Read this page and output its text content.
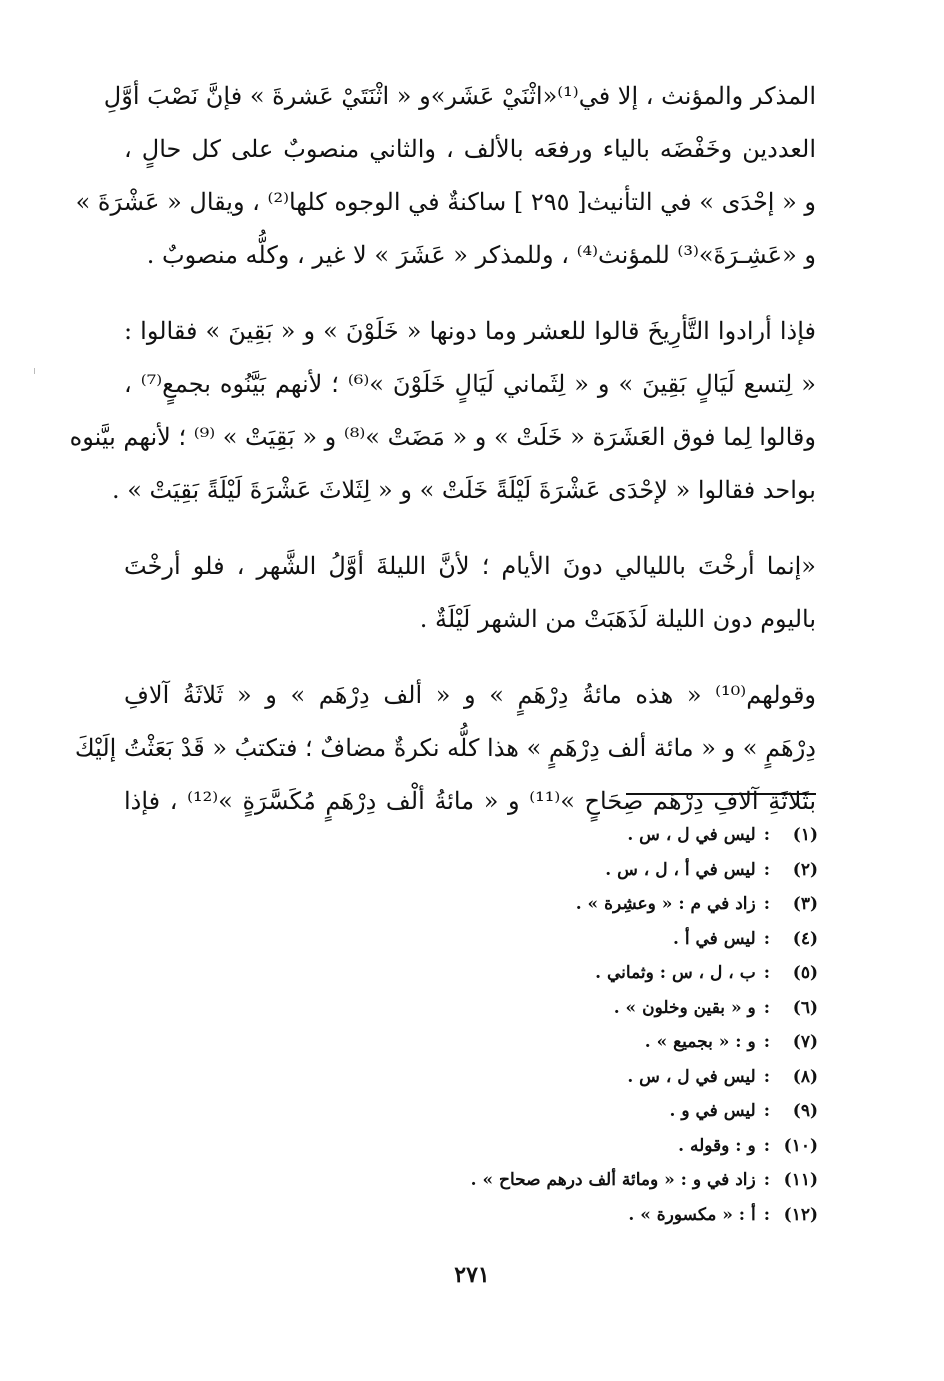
المذكر والمؤنث ، إلا في⁽¹⁾«اثْنَيْ عَشَر»و « اثْنَتَيْ عَشرةَ » فإنَّ نَصْبَ أوَّلِ
العددين وخَفْضَه بالياء ورفعَه بالألف ، والثاني منصوبٌ على كل حالٍ ،
و « إحْدَى » في التأنيث[ ٢٩٥ ] ساكنةٌ في الوجوه كلها⁽²⁾ ، ويقال « عَشْرَةَ »
و «عَشِـرَةَ»⁽³⁾ للمؤنث⁽⁴⁾ ، وللمذكر « عَشَرَ » لا غير ، وكلُّه منصوبٌ .
فإذا أرادوا التَّأرِيخَ قالوا للعشر وما دونها « خَلَوْنَ » و « بَقِينَ » فقالوا :
« لِتسع لَيَالٍ بَقِينَ » و « لِثَماني لَيَالٍ خَلَوْنَ »⁽⁶⁾ ؛ لأنهم بَيَّنُوه بجمعٍ⁽⁷⁾ ،
وقالوا لِما فوق العَشَرَة « خَلَتْ » و « مَضَتْ »⁽⁸⁾ و « بَقِيَتْ » ⁽⁹⁾ ؛ لأنهم بيَّنوه
بواحد فقالوا « لإحْدَى عَشْرَةَ لَيْلَةً خَلَتْ » و « لِثَلاثَ عَشْرَةَ لَيْلَةً بَقِيَتْ » .
«إنما أرخْتَ بالليالي دونَ الأيام ؛ لأنَّ الليلةَ أوَّلُ الشَّهر ، فلو أرخْتَ
باليوم دون الليلة لَذَهَبَتْ من الشهر لَيْلَةٌ .
وقولهم⁽¹⁰⁾ « هذه مائةُ دِرْهَمٍ » و « ألف دِرْهَم » و « ثَلاثَةُ آلافِ
دِرْهَمٍ » و « مائة ألف دِرْهَمٍ » هذا كلُّه نكرةٌ مضافٌ ؛ فتكتبُ « قَدْ بَعَثْتُ إلَيْكَ
بثَلاثَةِ آلافِ دِرْهَم صِحَاحٍ »⁽¹¹⁾ و « مائةُ ألْف دِرْهَمٍ مُكَسَّرَةٍ »⁽¹²⁾ ، فإذا
(١):ليس في ل ، س .
(٢):ليس في أ ، ل ، س .
(٣):زاد في م : « وعشِرة » .
(٤):ليس في أ .
(٥):ب ، ل ، س : وثماني .
(٦):و « بقين وخلون » .
(٧):و : « بجميع » .
(٨):ليس في ل ، س .
(٩):ليس في و .
(١٠):و : وقوله .
(١١):زاد في و : « ومائة ألف درهم صحاح » .
(١٢):أ : « مكسورة » .
٢٧١
